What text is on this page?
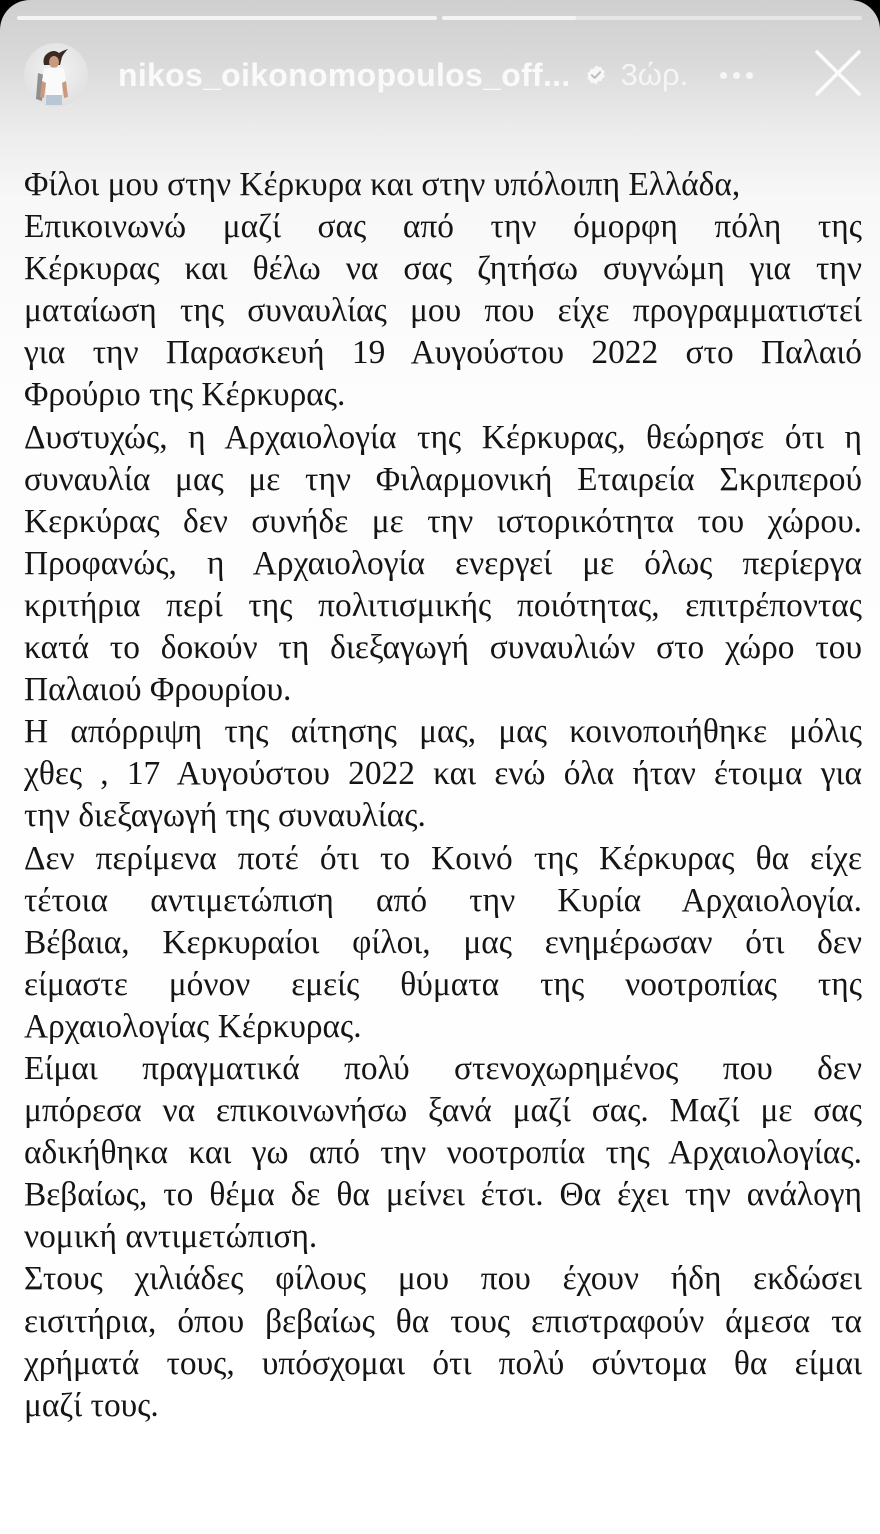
nikos_oikonomopoulos_off... 3ώρ.
Φίλοι μου στην Κέρκυρα και στην υπόλοιπη Ελλάδα,
Επικοινωνώ μαζί σας από την όμορφη πόλη της
Κέρκυρας και θέλω να σας ζητήσω συγνώμη για την
ματαίωση της συναυλίας μου που είχε προγραμματιστεί
για την Παρασκευή 19 Αυγούστου 2022 στο Παλαιό
Φρούριο της Κέρκυρας.
Δυστυχώς, η Αρχαιολογία της Κέρκυρας, θεώρησε ότι η
συναυλία μας με την Φιλαρμονική Εταιρεία Σκριπερού
Κερκύρας δεν συνήδε με την ιστορικότητα του χώρου.
Προφανώς, η Αρχαιολογία ενεργεί με όλως περίεργα
κριτήρια περί της πολιτισμικής ποιότητας, επιτρέποντας
κατά το δοκούν τη διεξαγωγή συναυλιών στο χώρο του
Παλαιού Φρουρίου.
Η απόρριψη της αίτησης μας, μας κοινοποιήθηκε μόλις
χθες , 17 Αυγούστου 2022 και ενώ όλα ήταν έτοιμα για
την διεξαγωγή της συναυλίας.
Δεν περίμενα ποτέ ότι το Κοινό της Κέρκυρας θα είχε
τέτοια αντιμετώπιση από την Κυρία Αρχαιολογία.
Βέβαια, Κερκυραίοι φίλοι, μας ενημέρωσαν ότι δεν
είμαστε μόνον εμείς θύματα της νοοτροπίας της
Αρχαιολογίας Κέρκυρας.
Είμαι πραγματικά πολύ στενοχωρημένος που δεν
μπόρεσα να επικοινωνήσω ξανά μαζί σας. Μαζί με σας
αδικήθηκα και γω από την νοοτροπία της Αρχαιολογίας.
Βεβαίως, το θέμα δε θα μείνει έτσι. Θα έχει την ανάλογη
νομική αντιμετώπιση.
Στους χιλιάδες φίλους μου που έχουν ήδη εκδώσει
εισιτήρια, όπου βεβαίως θα τους επιστραφούν άμεσα τα
χρήματά τους, υπόσχομαι ότι πολύ σύντομα θα είμαι
μαζί τους.
